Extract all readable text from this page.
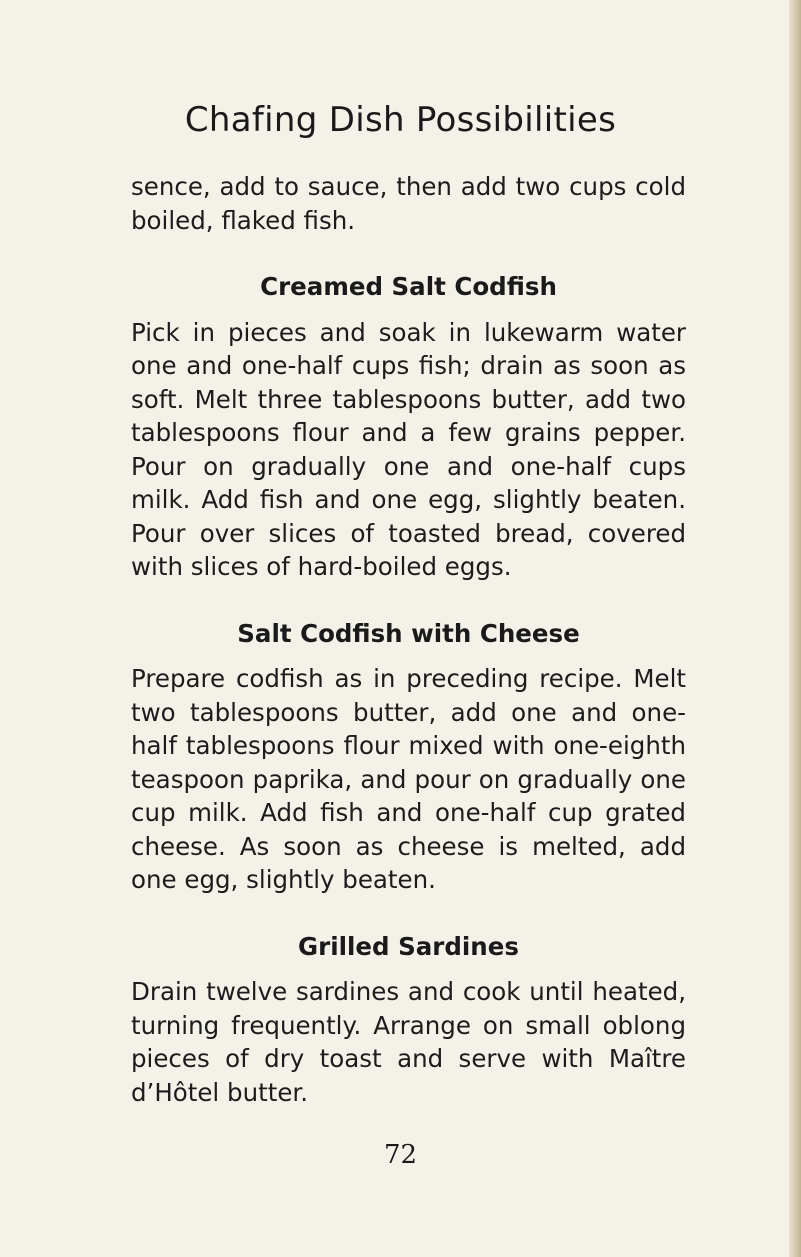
Chafing Dish Possibilities

sence, add to sauce, then add two cups cold boiled, flaked fish.

Creamed Salt Codfish

Pick in pieces and soak in lukewarm water one and one-half cups fish; drain as soon as soft. Melt three tablespoons butter, add two tablespoons flour and a few grains pepper. Pour on gradually one and one-half cups milk. Add fish and one egg, slightly beaten. Pour over slices of toasted bread, covered with slices of hard-boiled eggs.

Salt Codfish with Cheese

Prepare codfish as in preceding recipe. Melt two tablespoons butter, add one and one-half tablespoons flour mixed with one-eighth teaspoon paprika, and pour on gradually one cup milk. Add fish and one-half cup grated cheese. As soon as cheese is melted, add one egg, slightly beaten.

Grilled Sardines

Drain twelve sardines and cook until heated, turning frequently. Arrange on small oblong pieces of dry toast and serve with Maître d’Hôtel butter.

72
